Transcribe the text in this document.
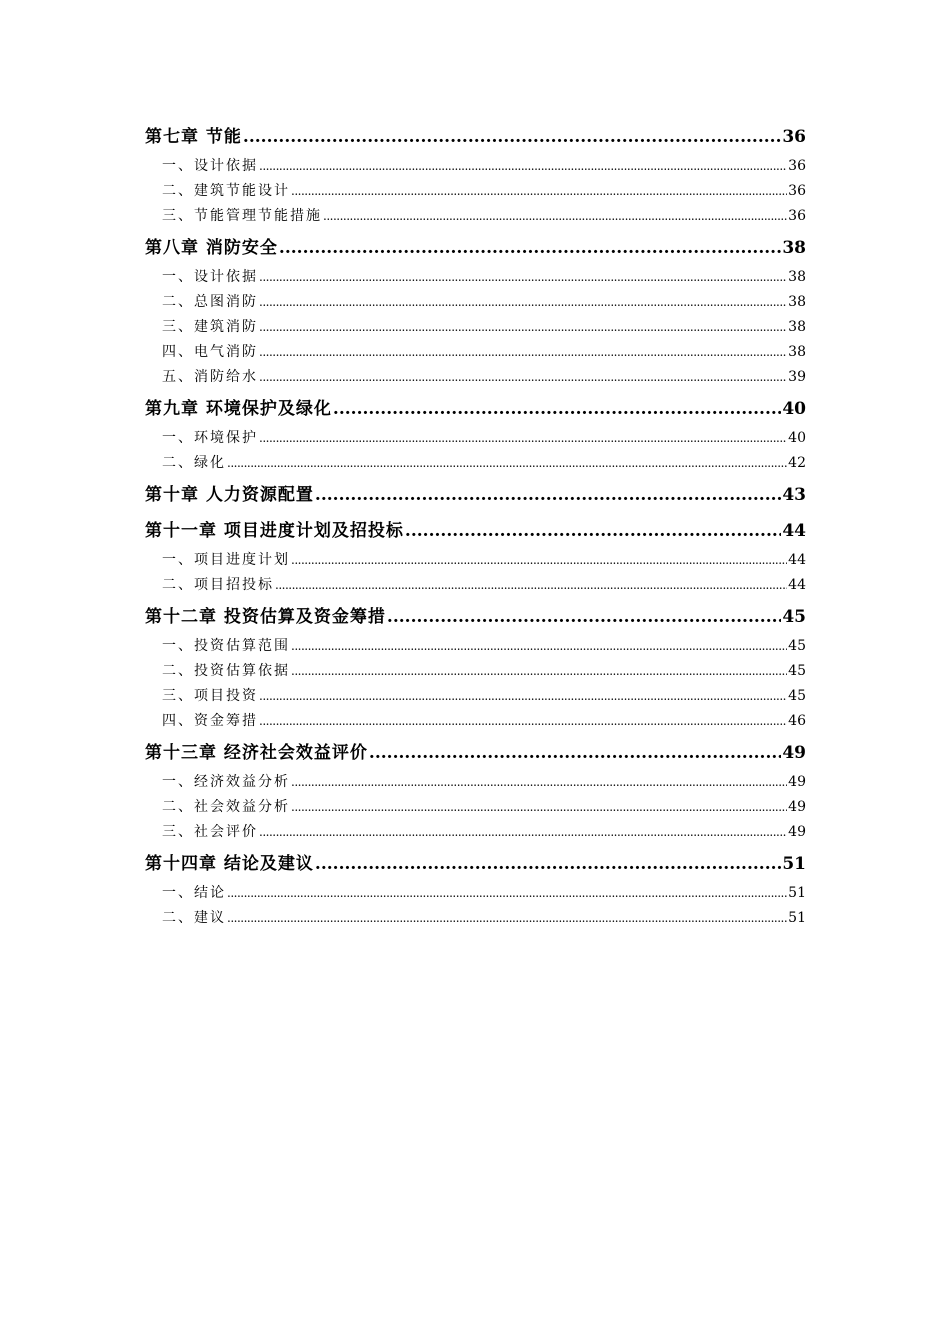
第七章 节能 .....	36
一、设计依据 .....	36
二、建筑节能设计 .....	36
三、节能管理节能措施 .....	36
第八章 消防安全 .....	38
一、设计依据 .....	38
二、总图消防 .....	38
三、建筑消防 .....	38
四、电气消防 .....	38
五、消防给水 .....	39
第九章 环境保护及绿化 .....	40
一、环境保护 .....	40
二、绿化 .....	42
第十章 人力资源配置 .....	43
第十一章 项目进度计划及招投标 .....	44
一、项目进度计划 .....	44
二、项目招投标 .....	44
第十二章 投资估算及资金筹措 .....	45
一、投资估算范围 .....	45
二、投资估算依据 .....	45
三、项目投资 .....	45
四、资金筹措 .....	46
第十三章 经济社会效益评价 .....	49
一、经济效益分析 .....	49
二、社会效益分析 .....	49
三、社会评价 .....	49
第十四章 结论及建议 .....	51
一、结论 .....	51
二、建议 .....	51
